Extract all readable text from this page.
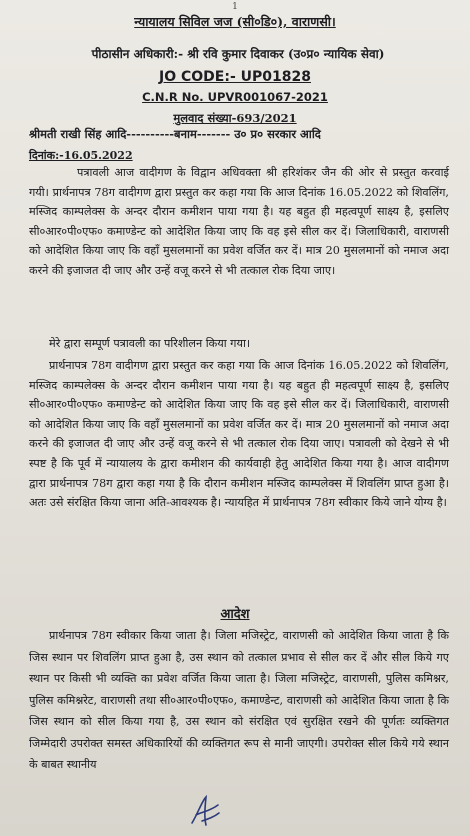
1
न्यायालय सिविल जज (सी०डि०), वाराणसी।
पीठासीन अधिकारी:- श्री रवि कुमार दिवाकर (उ०प्र० न्यायिक सेवा)
JO CODE:- UP01828
C.N.R No. UPVR001067-2021
मुलवाद संख्या-693/2021
श्रीमती राखी सिंह आदि----------बनाम------- उ० प्र० सरकार आदि
दिनांक:-16.05.2022
पत्रावली आज वादीगण के विद्वान अधिवक्ता श्री हरिशंकर जैन की ओर से प्रस्तुत करवाई गयी। प्रार्थनापत्र 78ग वादीगण द्वारा प्रस्तुत कर कहा गया कि आज दिनांक 16.05.2022 को शिवलिंग, मस्जिद काम्पलेक्स के अन्दर दौरान कमीशन पाया गया है। यह बहुत ही महत्वपूर्ण साक्ष्य है, इसलिए सी०आर०पी०एफ० कमाण्डेन्ट को आदेशित किया जाए कि वह इसे सील कर दें। जिलाधिकारी, वाराणसी को आदेशित किया जाए कि वहाँ मुसलमानों का प्रवेश वर्जित कर दें। मात्र 20 मुसलमानों को नमाज अदा करने की इजाजत दी जाए और उन्हें वजू करने से भी तत्काल रोक दिया जाए।
मेरे द्वारा सम्पूर्ण पत्रावली का परिशीलन किया गया।
प्रार्थनापत्र 78ग वादीगण द्वारा प्रस्तुत कर कहा गया कि आज दिनांक 16.05.2022 को शिवलिंग, मस्जिद काम्पलेक्स के अन्दर दौरान कमीशन पाया गया है। यह बहुत ही महत्वपूर्ण साक्ष्य है, इसलिए सी०आर०पी०एफ० कमाण्डेन्ट को आदेशित किया जाए कि वह इसे सील कर दें। जिलाधिकारी, वाराणसी को आदेशित किया जाए कि वहाँ मुसलमानों का प्रवेश वर्जित कर दें। मात्र 20 मुसलमानों को नमाज अदा करने की इजाजत दी जाए और उन्हें वजू करने से भी तत्काल रोक दिया जाए। पत्रावली को देखने से भी स्पष्ट है कि पूर्व में न्यायालय के द्वारा कमीशन की कार्यवाही हेतु आदेशित किया गया है। आज वादीगण द्वारा प्रार्थनापत्र 78ग द्वारा कहा गया है कि दौरान कमीशन मस्जिद काम्पलेक्स में शिवलिंग प्राप्त हुआ है। अतः उसे संरक्षित किया जाना अति-आवश्यक है। न्यायहित में प्रार्थनापत्र 78ग स्वीकार किये जाने योग्य है।
आदेश
प्रार्थनापत्र 78ग स्वीकार किया जाता है। जिला मजिस्ट्रेट, वाराणसी को आदेशित किया जाता है कि जिस स्थान पर शिवलिंग प्राप्त हुआ है, उस स्थान को तत्काल प्रभाव से सील कर दें और सील किये गए स्थान पर किसी भी व्यक्ति का प्रवेश वर्जित किया जाता है। जिला मजिस्ट्रेट, वाराणसी, पुलिस कमिश्नर, पुलिस कमिश्नरेट, वाराणसी तथा सी०आर०पी०एफ०, कमाण्डेन्ट, वाराणसी को आदेशित किया जाता है कि जिस स्थान को सील किया गया है, उस स्थान को संरक्षित एवं सुरक्षित रखने की पूर्णतः व्यक्तिगत जिम्मेदारी उपरोक्त समस्त अधिकारियों की व्यक्तिगत रूप से मानी जाएगी। उपरोक्त सील किये गये स्थान के बाबत स्थानीय
